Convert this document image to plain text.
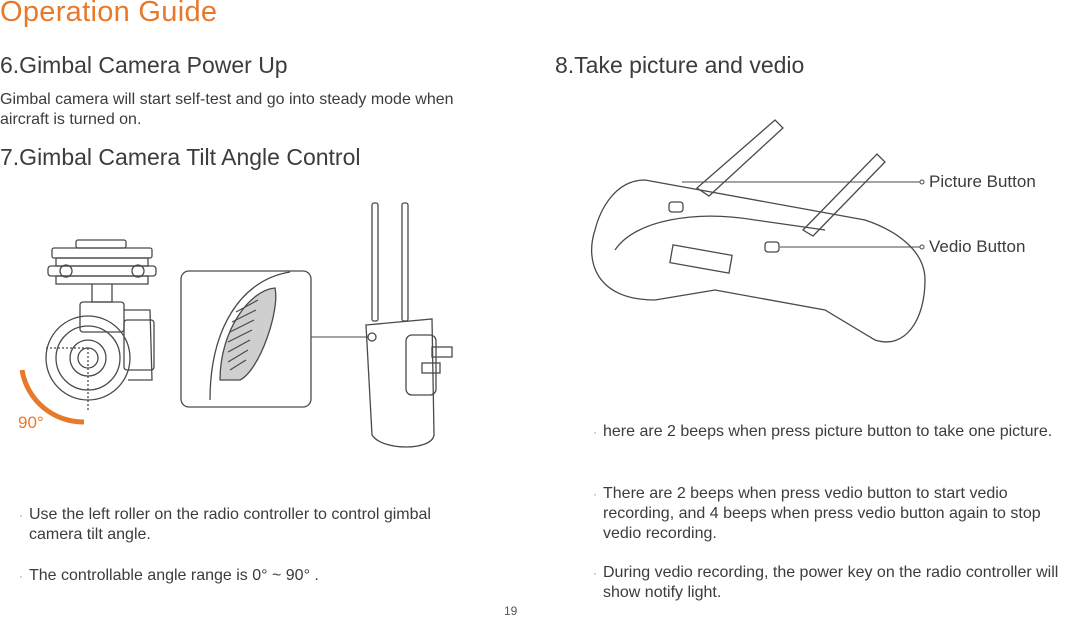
Operation Guide
6.Gimbal Camera Power Up
Gimbal camera will start self-test and go into steady mode when aircraft is turned on.
7.Gimbal Camera Tilt Angle Control
90°
· Use the left roller on the radio controller to control gimbal camera tilt angle.
· The controllable angle range is 0° ~ 90° .
8.Take picture and vedio
Picture Button
Vedio Button
· here are 2 beeps when press picture button to take one picture.
· There are 2 beeps when press vedio button to start vedio recording, and 4 beeps when press vedio button again to stop vedio recording.
· During vedio recording, the power key on the radio controller will show notify light.
19
